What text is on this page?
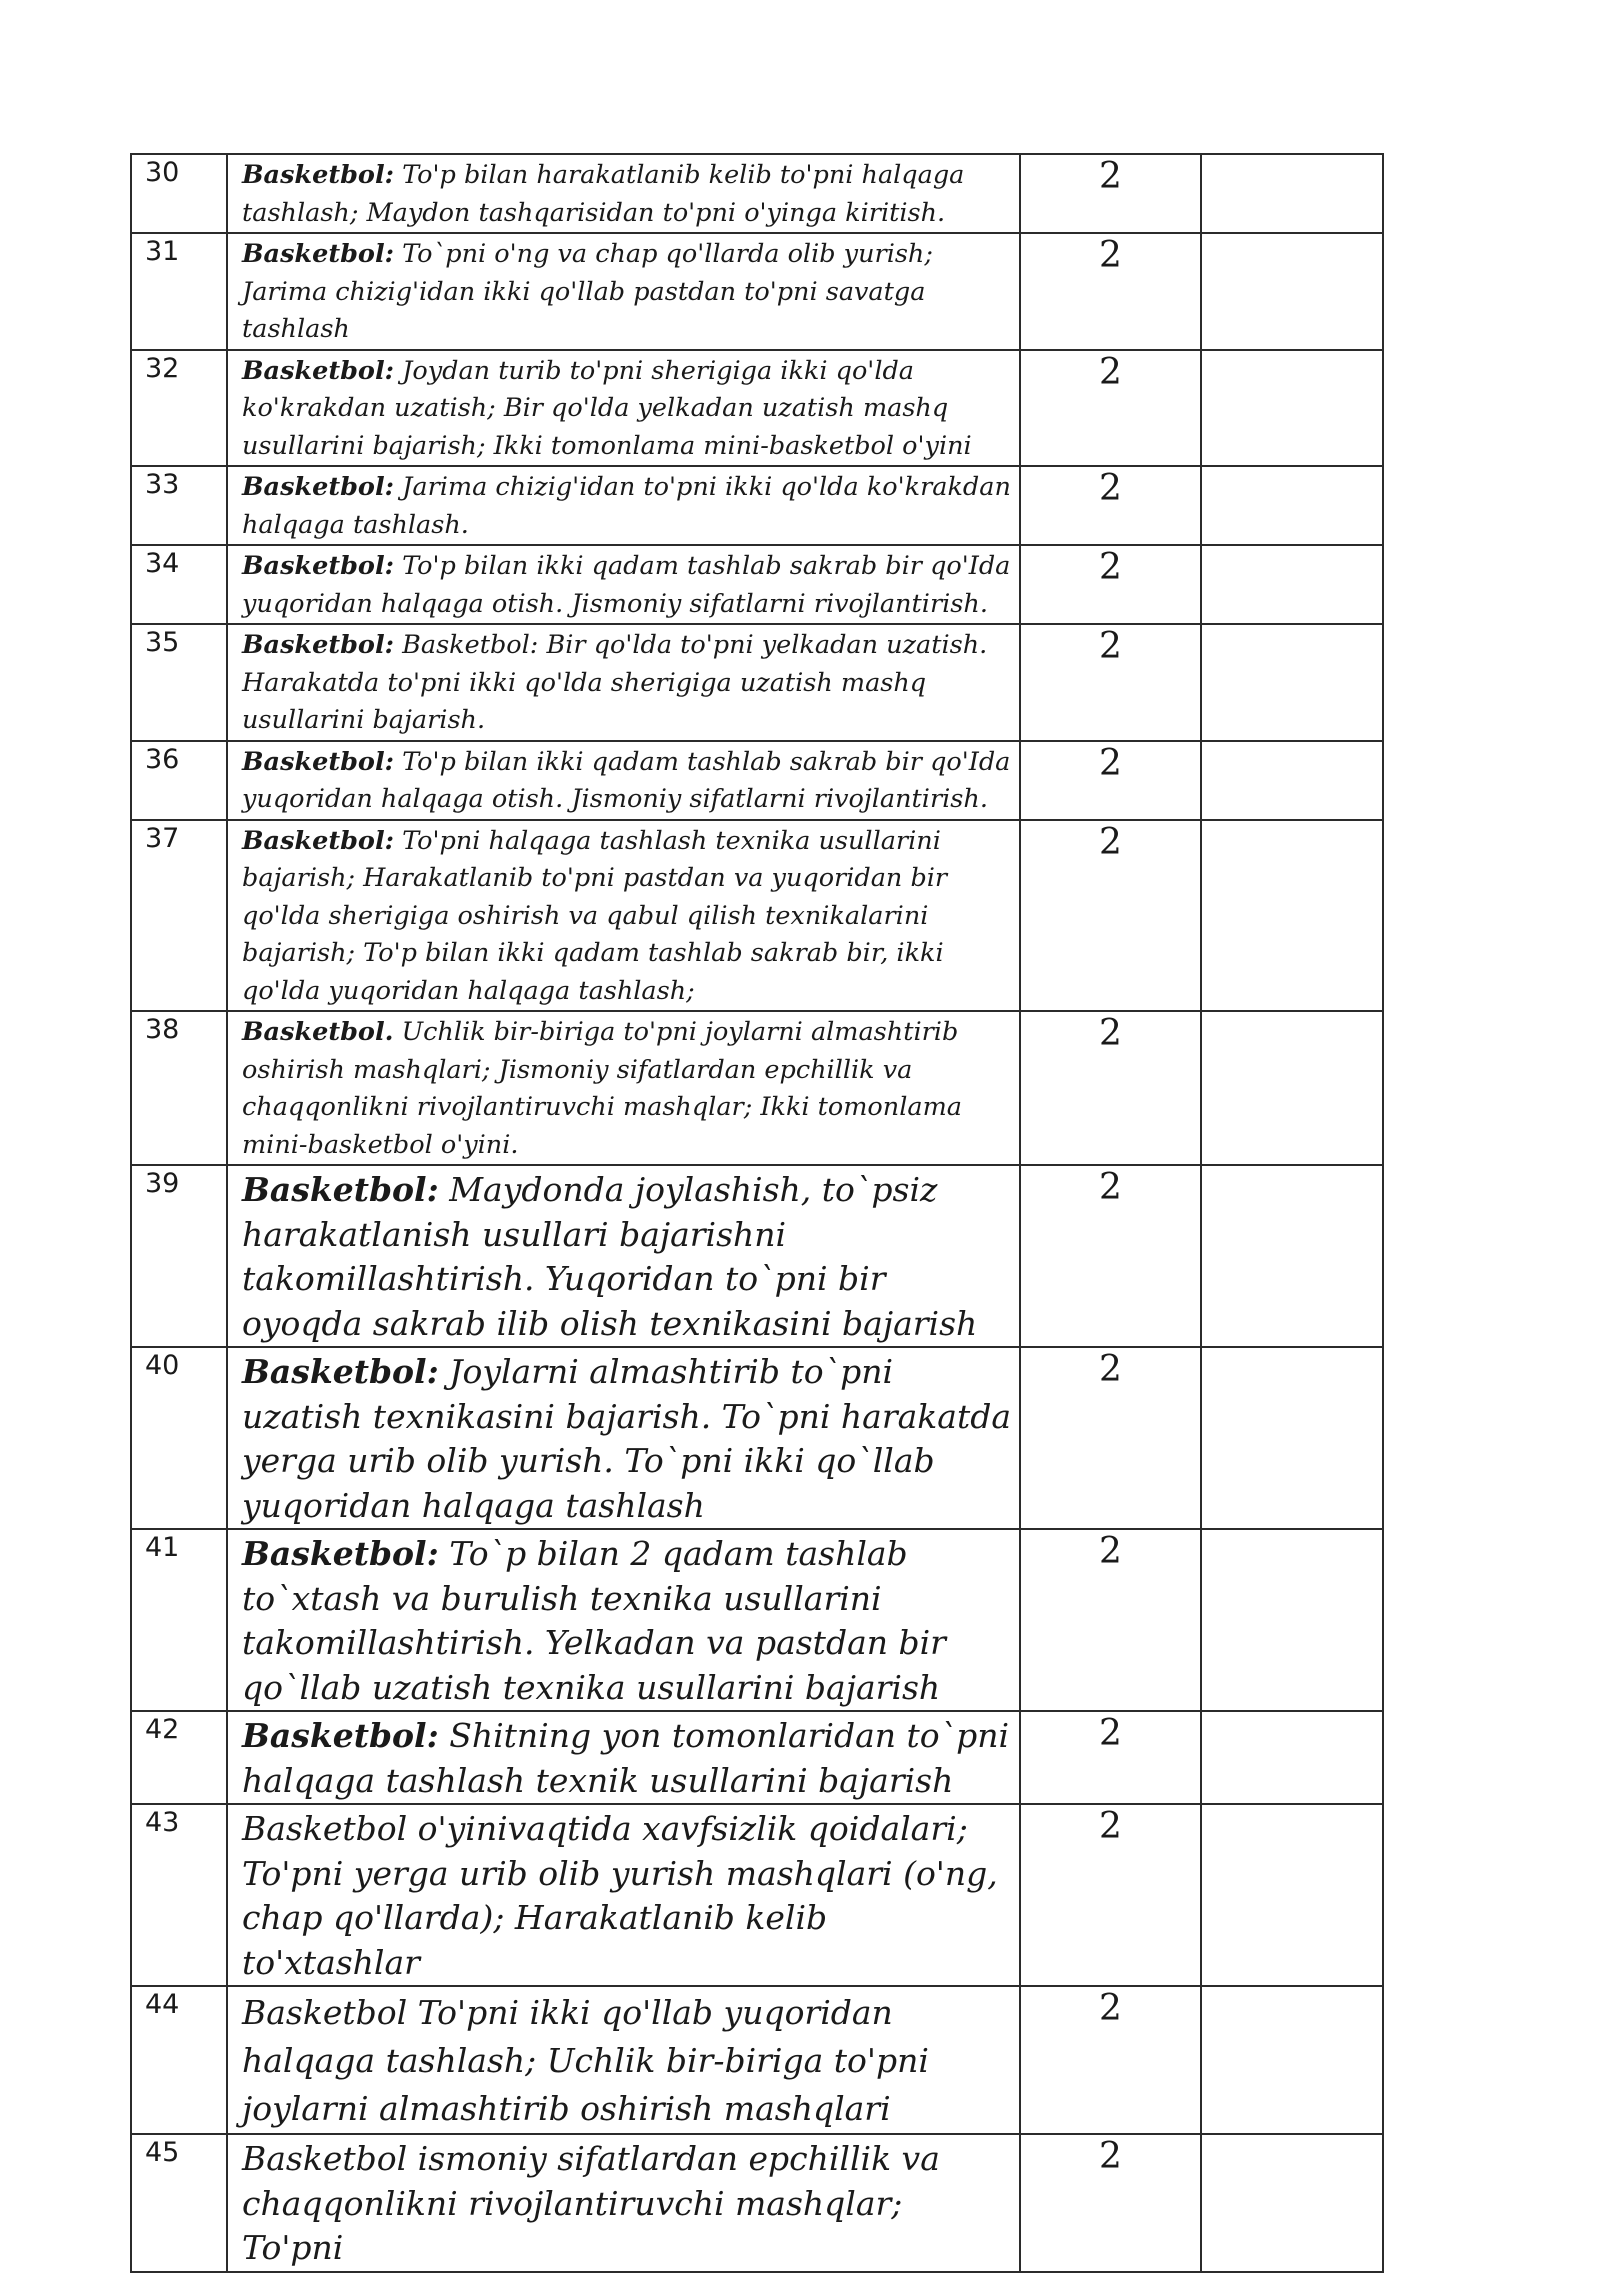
30	Basketbol: To'p bilan harakatlanib kelib to'pni halqaga tashlash; Maydon tashqarisidan to'pni o'yinga kiritish.	2	
31	Basketbol: To`pni o'ng va chap qo'llarda olib yurish; Jarima chizig'idan ikki qo'llab pastdan to'pni savatga tashlash	2	
32	Basketbol: Joydan turib to'pni sherigiga ikki qo'lda ko'krakdan uzatish; Bir qo'lda yelkadan uzatish mashq usullarini bajarish; Ikki tomonlama mini-basketbol o'yini	2	
33	Basketbol: Jarima chizig'idan to'pni ikki qo'lda ko'krakdan halqaga tashlash.	2	
34	Basketbol: To'p bilan ikki qadam tashlab sakrab bir qo'Ida yuqoridan halqaga otish. Jismoniy sifatlarni rivojlantirish.	2	
35	Basketbol: Basketbol: Bir qo'lda to'pni yelkadan uzatish. Harakatda to'pni ikki qo'lda sherigiga uzatish mashq usullarini bajarish.	2	
36	Basketbol: To'p bilan ikki qadam tashlab sakrab bir qo'Ida yuqoridan halqaga otish. Jismoniy sifatlarni rivojlantirish.	2	
37	Basketbol: To'pni halqaga tashlash texnika usullarini bajarish; Harakatlanib to'pni pastdan va yuqoridan bir qo'lda sherigiga oshirish va qabul qilish texnikalarini bajarish; To'p bilan ikki qadam tashlab sakrab bir, ikki qo'lda yuqoridan halqaga tashlash;	2	
38	Basketbol. Uchlik bir-biriga to'pni joylarni almashtirib oshirish mashqlari; Jismoniy sifatlardan epchillik va chaqqonlikni rivojlantiruvchi mashqlar; Ikki tomonlama mini-basketbol o'yini.	2	
39	Basketbol: Maydonda joylashish, to`psiz harakatlanish usullari bajarishni takomillashtirish. Yuqoridan to`pni bir oyoqda sakrab ilib olish texnikasini bajarish	2	
40	Basketbol: Joylarni almashtirib to`pni uzatish texnikasini bajarish. To`pni harakatda yerga urib olib yurish. To`pni ikki qo`llab yuqoridan halqaga tashlash	2	
41	Basketbol: To`p bilan 2 qadam tashlab to`xtash va burulish texnika usullarini takomillashtirish. Yelkadan va pastdan bir qo`llab uzatish texnika usullarini bajarish	2	
42	Basketbol: Shitning yon tomonlaridan to`pni halqaga tashlash texnik usullarini bajarish	2	
43	Basketbol o'yinivaqtida xavfsizlik qoidalari; To'pni yerga urib olib yurish mashqlari (o'ng, chap qo'llarda); Harakatlanib kelib to'xtashlar	2	
44	Basketbol To'pni ikki qo'llab yuqoridan halqaga tashlash; Uchlik bir-biriga to'pni joylarni almashtirib oshirish mashqlari	2	
45	Basketbol ismoniy sifatlardan epchillik va chaqqonlikni rivojlantiruvchi mashqlar; To'pni	2	
